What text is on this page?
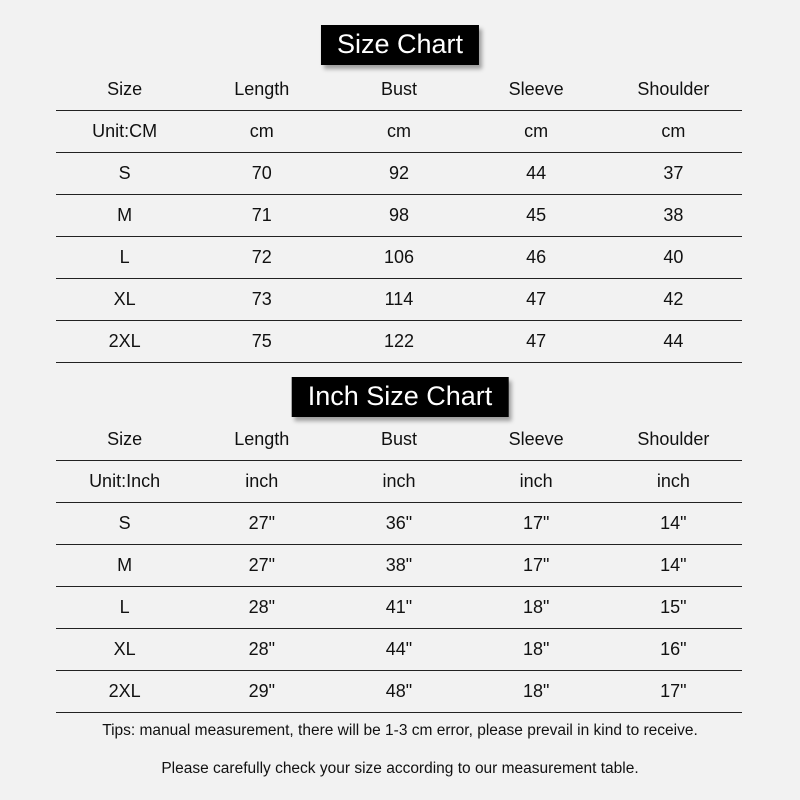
Size Chart
Size	Length	Bust	Sleeve	Shoulder
Unit:CM	cm	cm	cm	cm
S	70	92	44	37
M	71	98	45	38
L	72	106	46	40
XL	73	114	47	42
2XL	75	122	47	44
Inch Size Chart
Size	Length	Bust	Sleeve	Shoulder
Unit:Inch	inch	inch	inch	inch
S	27"	36"	17"	14"
M	27"	38"	17"	14"
L	28"	41"	18"	15"
XL	28"	44"	18"	16"
2XL	29"	48"	18"	17"
Tips: manual measurement, there will be 1-3 cm error, please prevail in kind to receive.
Please carefully check your size according to our measurement table.
